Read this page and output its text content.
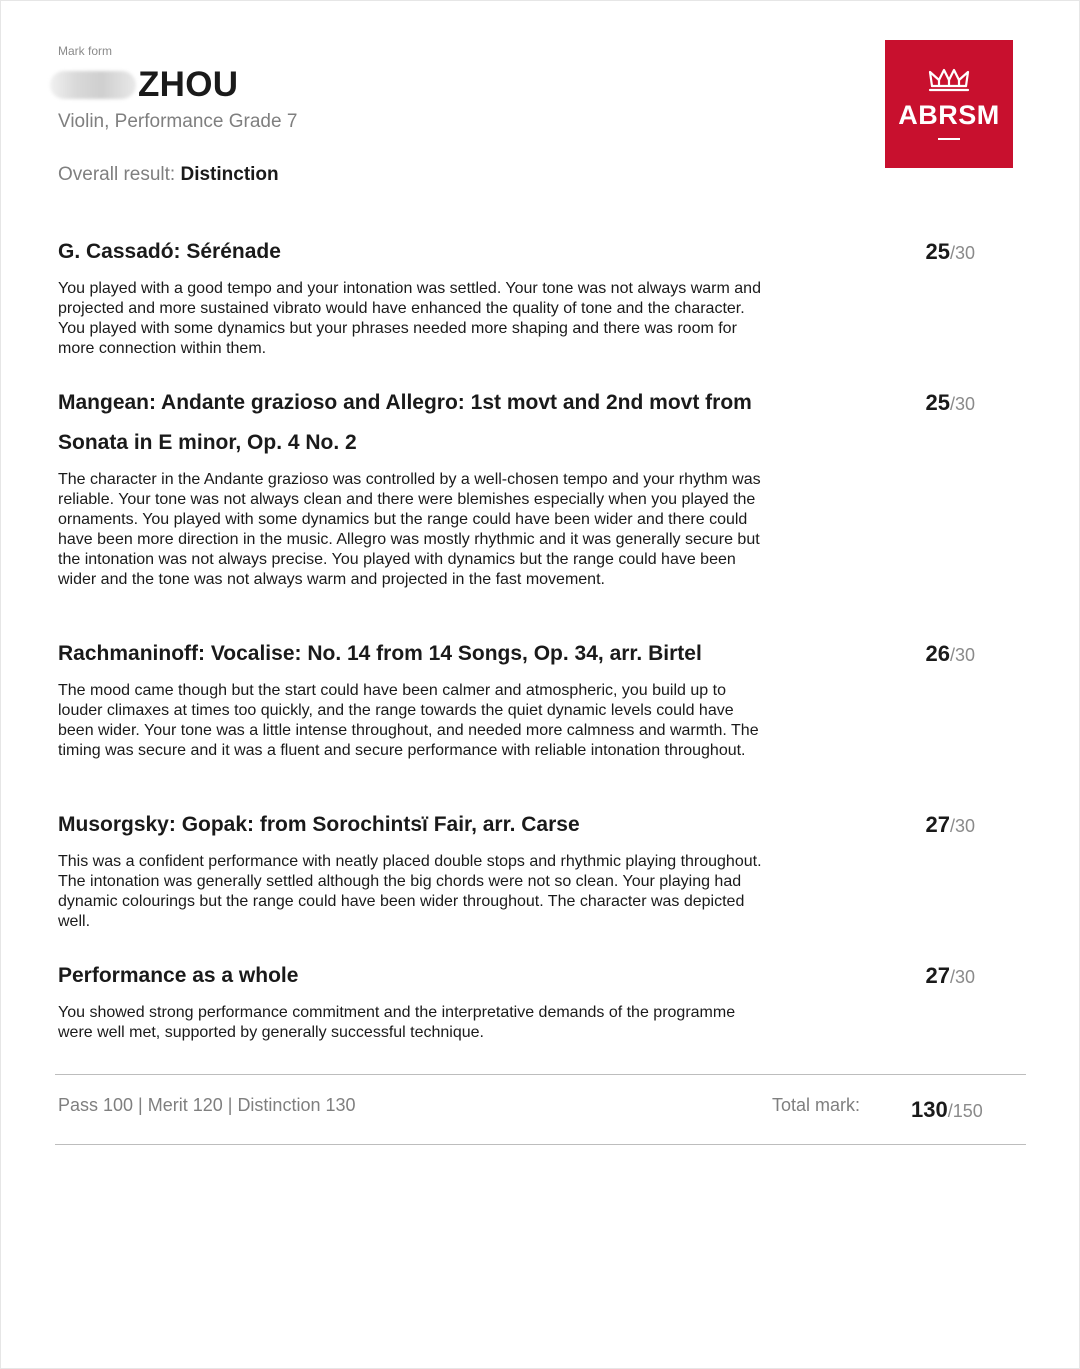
Mark form
ZHOU
Violin, Performance Grade 7
Overall result: Distinction
ABRSM
G. Cassadó: Sérénade
You played with a good tempo and your intonation was settled. Your tone was not always warm and projected and more sustained vibrato would have enhanced the quality of tone and the character. You played with some dynamics but your phrases needed more shaping and there was room for more connection within them.
25/30
Mangean: Andante grazioso and Allegro: 1st movt and 2nd movt from Sonata in E minor, Op. 4 No. 2
The character in the Andante grazioso was controlled by a well-chosen tempo and your rhythm was reliable. Your tone was not always clean and there were blemishes especially when you played the ornaments. You played with some dynamics but the range could have been wider and there could have been more direction in the music. Allegro was mostly rhythmic and it was generally secure but the intonation was not always precise. You played with dynamics but the range could have been wider and the tone was not always warm and projected in the fast movement.
25/30
Rachmaninoff: Vocalise: No. 14 from 14 Songs, Op. 34, arr. Birtel
The mood came though but the start could have been calmer and atmospheric, you build up to louder climaxes at times too quickly, and the range towards the quiet dynamic levels could have been wider. Your tone was a little intense throughout, and needed more calmness and warmth. The timing was secure and it was a fluent and secure performance with reliable intonation throughout.
26/30
Musorgsky: Gopak: from Sorochintsï Fair, arr. Carse
This was a confident performance with neatly placed double stops and rhythmic playing throughout. The intonation was generally settled although the big chords were not so clean. Your playing had dynamic colourings but the range could have been wider throughout. The character was depicted well.
27/30
Performance as a whole
You showed strong performance commitment and the interpretative demands of the programme were well met, supported by generally successful technique.
27/30
Pass 100 | Merit 120 | Distinction 130	Total mark: 130/150
